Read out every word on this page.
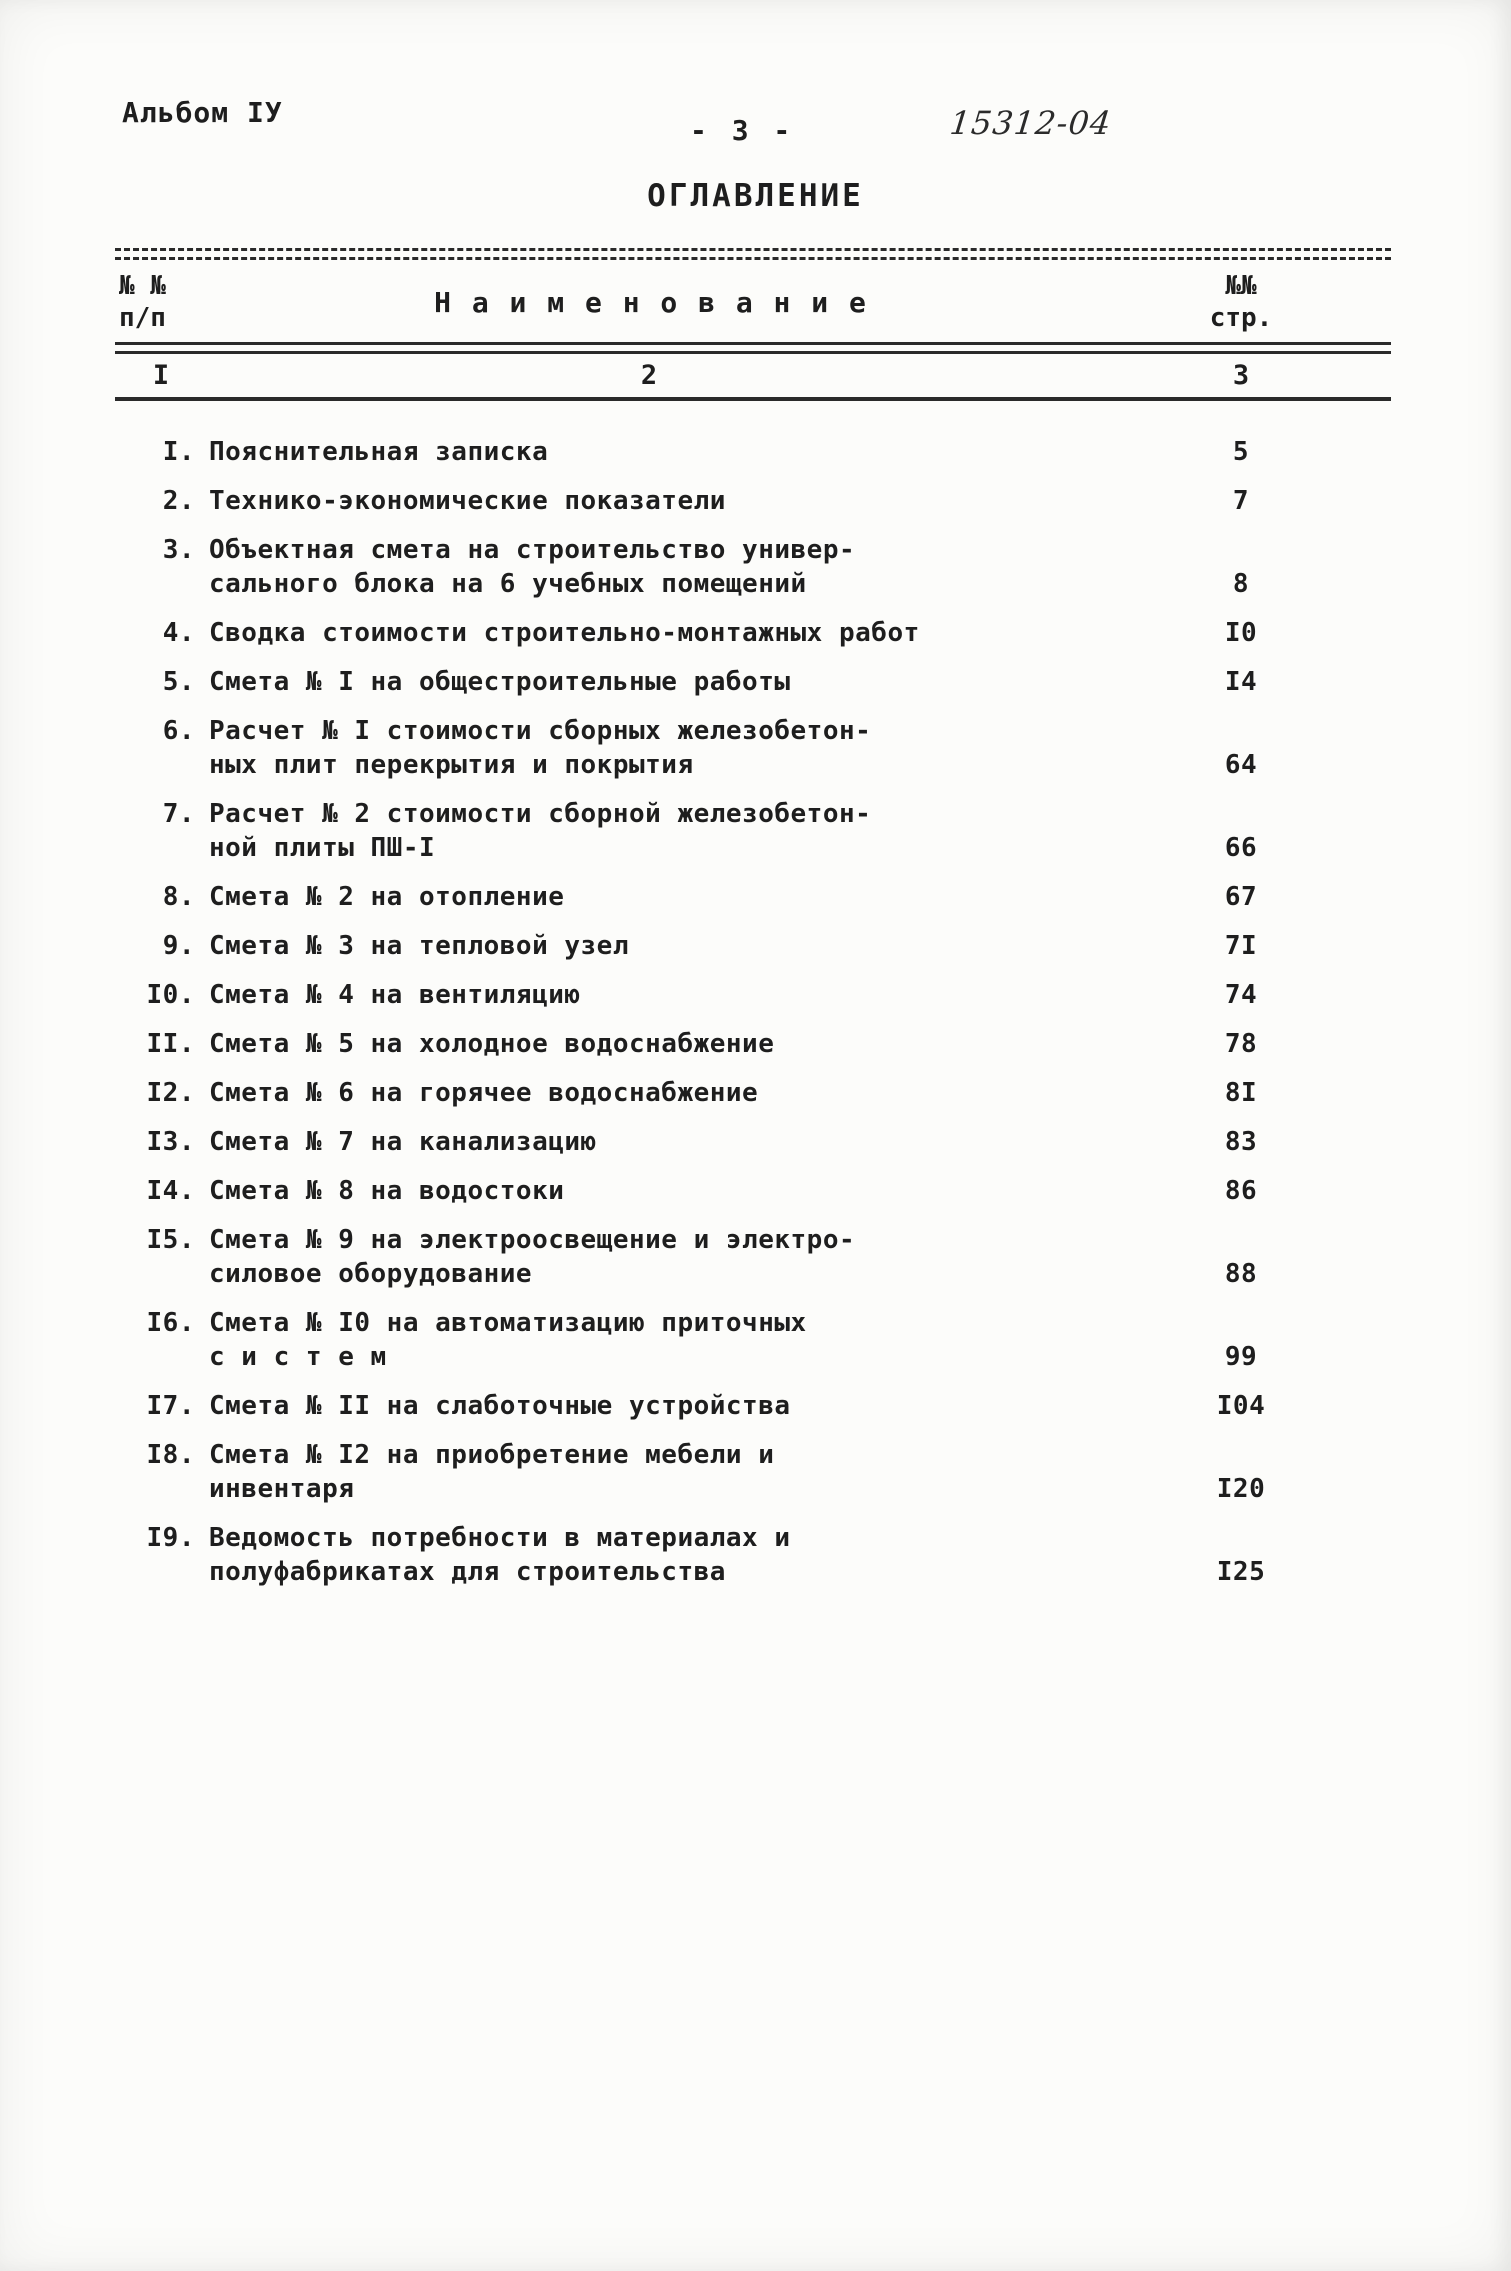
Альбом IУ
- 3 -	15312-04
ОГЛАВЛЕНИЕ
№ №
п/п	Н а и м е н о в а н и е	№№
стр.
I	2	3
I. Пояснительная записка	5
2. Технико-экономические показатели	7
3. Объектная смета на строительство универ-
сального блока на 6 учебных помещений	8
4. Сводка стоимости строительно-монтажных работ	I0
5. Смета № I на общестроительные работы	I4
6. Расчет № I стоимости сборных железобетон-
ных плит перекрытия и покрытия	64
7. Расчет № 2 стоимости сборной железобетон-
ной плиты ПШ-I	66
8. Смета № 2 на отопление	67
9. Смета № 3 на тепловой узел	7I
I0. Смета № 4 на вентиляцию	74
II. Смета № 5 на холодное водоснабжение	78
I2. Смета № 6 на горячее водоснабжение	8I
I3. Смета № 7 на канализацию	83
I4. Смета № 8 на водостоки	86
I5. Смета № 9 на электроосвещение и электро-
силовое оборудование	88
I6. Смета № I0 на автоматизацию приточных
с и с т е м	99
I7. Смета № II на слаботочные устройства	I04
I8. Смета № I2 на приобретение мебели и
инвентаря	I20
I9. Ведомость потребности в материалах и
полуфабрикатах для строительства	I25
